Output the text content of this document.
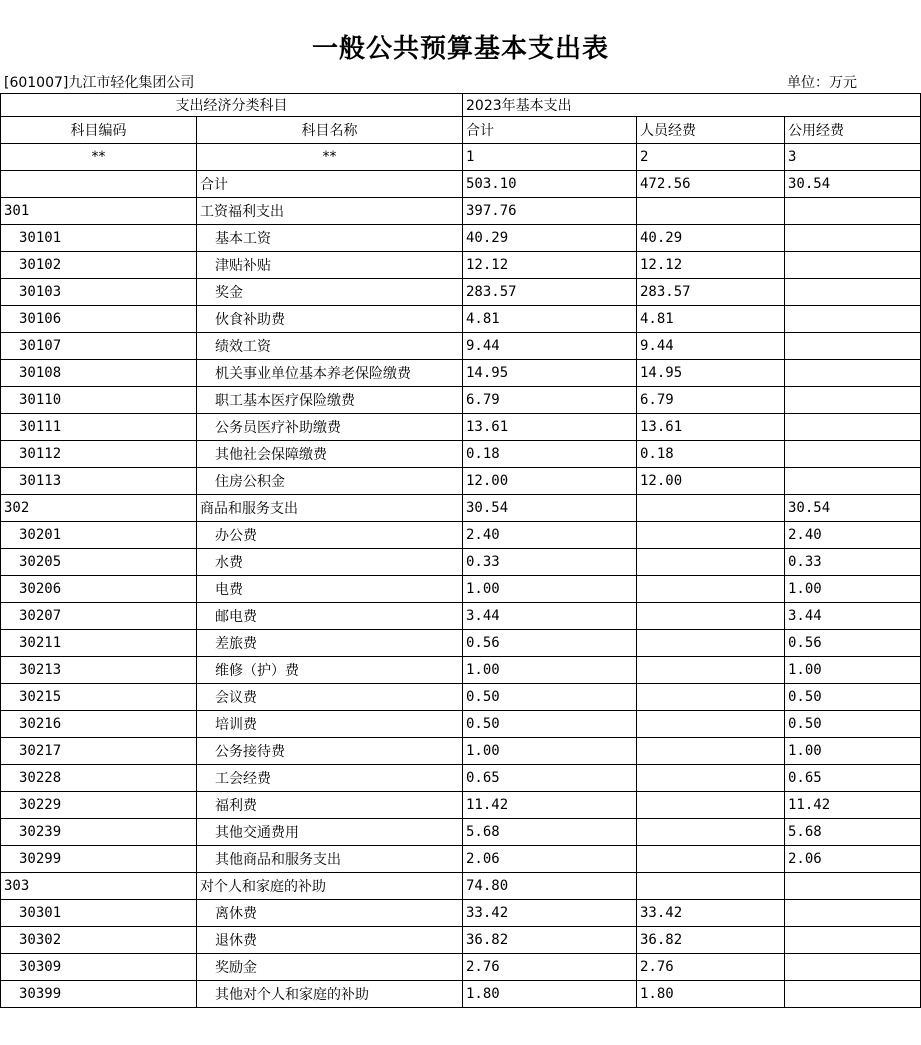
一般公共预算基本支出表
[601007]九江市轻化集团公司	单位：万元
支出经济分类科目		2023年基本支出		
科目编码	科目名称	合计	人员经费	公用经费
**	**	1	2	3
	合计	503.10	472.56	30.54
301	工资福利支出	397.76		
30101	基本工资	40.29	40.29	
30102	津贴补贴	12.12	12.12	
30103	奖金	283.57	283.57	
30106	伙食补助费	4.81	4.81	
30107	绩效工资	9.44	9.44	
30108	机关事业单位基本养老保险缴费	14.95	14.95	
30110	职工基本医疗保险缴费	6.79	6.79	
30111	公务员医疗补助缴费	13.61	13.61	
30112	其他社会保障缴费	0.18	0.18	
30113	住房公积金	12.00	12.00	
302	商品和服务支出	30.54		30.54
30201	办公费	2.40		2.40
30205	水费	0.33		0.33
30206	电费	1.00		1.00
30207	邮电费	3.44		3.44
30211	差旅费	0.56		0.56
30213	维修（护）费	1.00		1.00
30215	会议费	0.50		0.50
30216	培训费	0.50		0.50
30217	公务接待费	1.00		1.00
30228	工会经费	0.65		0.65
30229	福利费	11.42		11.42
30239	其他交通费用	5.68		5.68
30299	其他商品和服务支出	2.06		2.06
303	对个人和家庭的补助	74.80		
30301	离休费	33.42	33.42	
30302	退休费	36.82	36.82	
30309	奖励金	2.76	2.76	
30399	其他对个人和家庭的补助	1.80	1.80	
